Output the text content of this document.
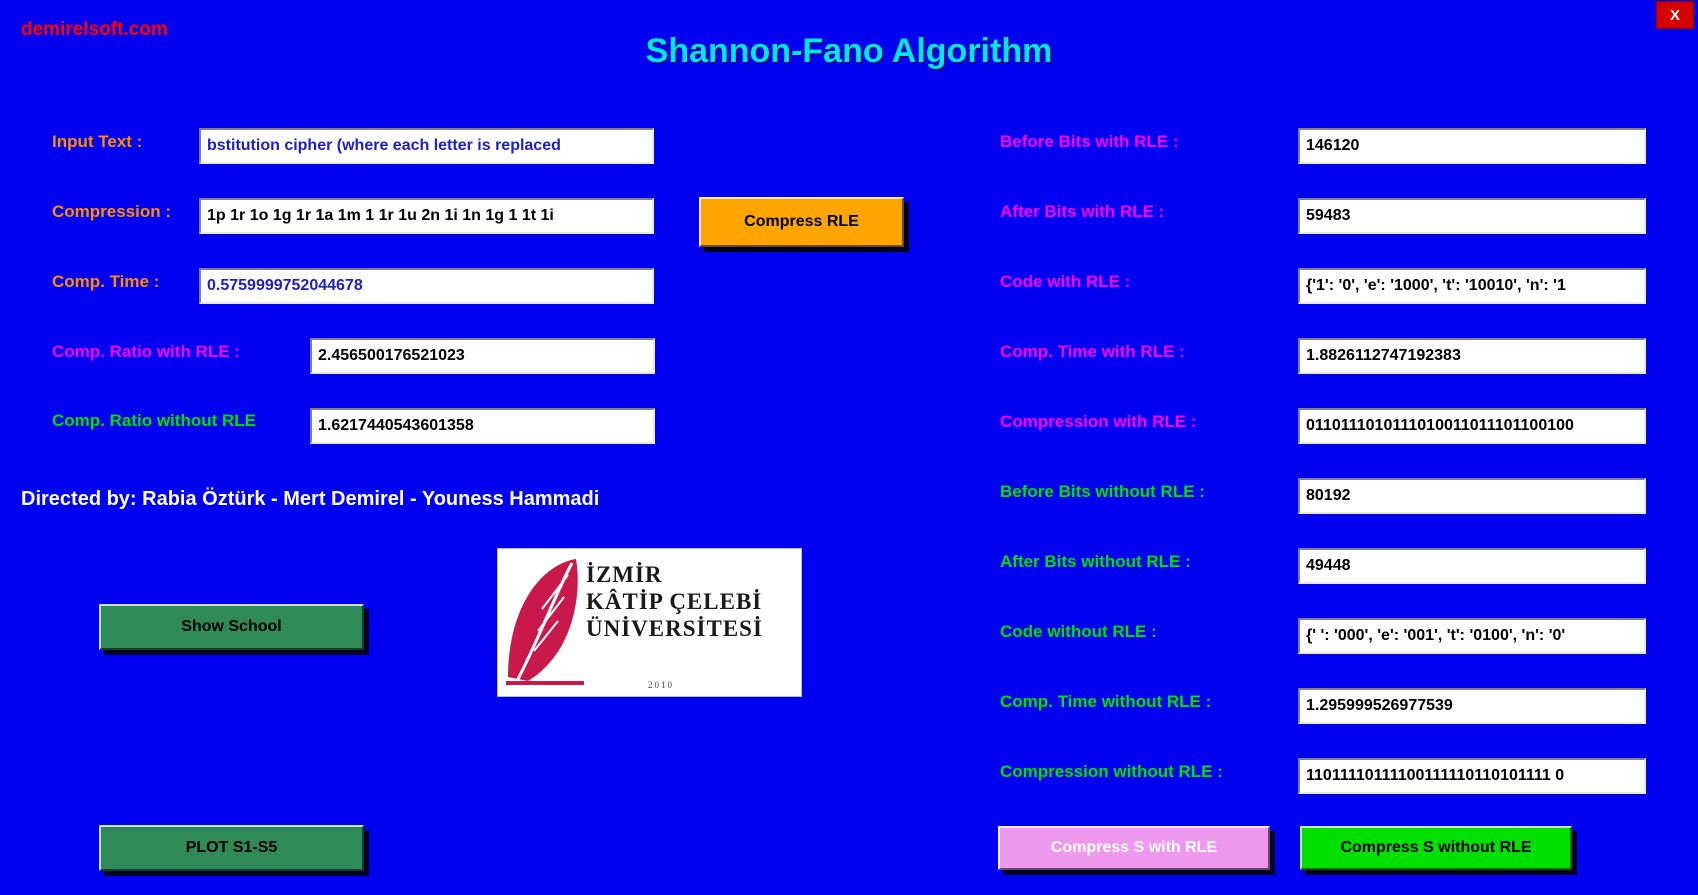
demirelsoft.com
Shannon-Fano Algorithm
X
Input Text :	bstitution cipher (where each letter is replaced
Compression :	1p 1r 1o 1g 1r 1a 1m 1 1r 1u 2n 1i 1n 1g 1 1t 1i
Comp. Time :	0.5759999752044678
Comp. Ratio with RLE :	2.456500176521023
Comp. Ratio without RLE	1.6217440543601358
Compress RLE
Directed by: Rabia Öztürk - Mert Demirel - Youness Hammadi
Show School
PLOT S1-S5
İZMİR
KÂTİP ÇELEBİ
ÜNİVERSİTESİ
2010
Before Bits with RLE :	146120
After Bits with RLE :	59483
Code with RLE :	{'1': '0', 'e': '1000', 't': '10010', 'n': '1
Comp. Time with RLE :	1.8826112747192383
Compression with RLE :	0110111010111010011011101100100
Before Bits without RLE :	80192
After Bits without RLE :	49448
Code without RLE :	{' ': '000', 'e': '001', 't': '0100', 'n': '0'
Comp. Time without RLE :	1.295999526977539
Compression without RLE :	11011110111100111110110101111 0
Compress S with RLE	Compress S without RLE
